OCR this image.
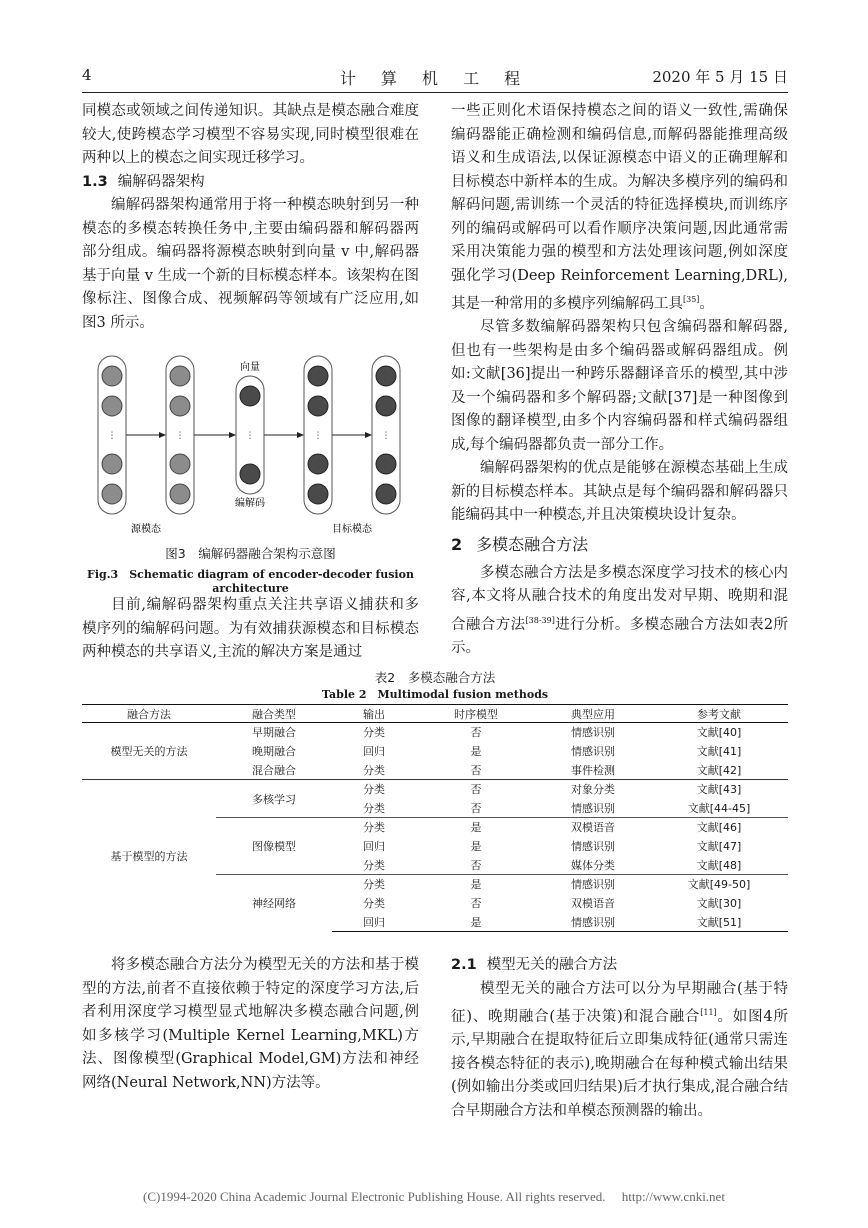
4	计 算 机 工 程	2020 年 5 月 15 日

同模态或领域之间传递知识。其缺点是模态融合难度较大,使跨模态学习模型不容易实现,同时模型很难在两种以上的模态之间实现迁移学习。

1.3 编解码器架构

编解码器架构通常用于将一种模态映射到另一种模态的多模态转换任务中,主要由编码器和解码器两部分组成。编码器将源模态映射到向量 v 中,解码器基于向量 v 生成一个新的目标模态样本。该架构在图像标注、图像合成、视频解码等领域有广泛应用,如图3 所示。

⋮	⋮	⋮	⋮	⋮
向量
编解码
源模态	目标模态
图3　编解码器融合架构示意图
Fig.3　Schematic diagram of encoder-decoder fusion architecture

目前,编解码器架构重点关注共享语义捕获和多模序列的编解码问题。为有效捕获源模态和目标模态两种模态的共享语义,主流的解决方案是通过

一些正则化术语保持模态之间的语义一致性,需确保编码器能正确检测和编码信息,而解码器能推理高级语义和生成语法,以保证源模态中语义的正确理解和目标模态中新样本的生成。为解决多模序列的编码和解码问题,需训练一个灵活的特征选择模块,而训练序列的编码或解码可以看作顺序决策问题,因此通常需采用决策能力强的模型和方法处理该问题,例如深度强化学习(Deep Reinforcement Learning,DRL),其是一种常用的多模序列编解码工具[35]。

尽管多数编解码器架构只包含编码器和解码器,但也有一些架构是由多个编码器或解码器组成。例如:文献[36]提出一种跨乐器翻译音乐的模型,其中涉及一个编码器和多个解码器;文献[37]是一种图像到图像的翻译模型,由多个内容编码器和样式编码器组成,每个编码器都负责一部分工作。

编解码器架构的优点是能够在源模态基础上生成新的目标模态样本。其缺点是每个编码器和解码器只能编码其中一种模态,并且决策模块设计复杂。

2 多模态融合方法

多模态融合方法是多模态深度学习技术的核心内容,本文将从融合技术的角度出发对早期、晚期和混合融合方法[38-39]进行分析。多模态融合方法如表2所示。

表2　多模态融合方法
Table 2　Multimodal fusion methods
融合方法	融合类型	输出	时序模型	典型应用	参考文献
模型无关的方法	早期融合	分类	否	情感识别	文献[40]
	晚期融合	回归	是	情感识别	文献[41]
	混合融合	分类	否	事件检测	文献[42]
基于模型的方法	多核学习	分类	否	对象分类	文献[43]
		分类	否	情感识别	文献[44-45]
	图像模型	分类	是	双模语音	文献[46]
		回归	是	情感识别	文献[47]
		分类	否	媒体分类	文献[48]
	神经网络	分类	是	情感识别	文献[49-50]
		分类	否	双模语音	文献[30]
		回归	是	情感识别	文献[51]

将多模态融合方法分为模型无关的方法和基于模型的方法,前者不直接依赖于特定的深度学习方法,后者利用深度学习模型显式地解决多模态融合问题,例如多核学习(Multiple Kernel Learning,MKL)方法、图像模型(Graphical Model,GM)方法和神经网络(Neural Network,NN)方法等。

2.1 模型无关的融合方法

模型无关的融合方法可以分为早期融合(基于特征)、晚期融合(基于决策)和混合融合[11]。如图4所示,早期融合在提取特征后立即集成特征(通常只需连接各模态特征的表示),晚期融合在每种模式输出结果(例如输出分类或回归结果)后才执行集成,混合融合结合早期融合方法和单模态预测器的输出。

(C)1994-2020 China Academic Journal Electronic Publishing House. All rights reserved.　 http://www.cnki.net
